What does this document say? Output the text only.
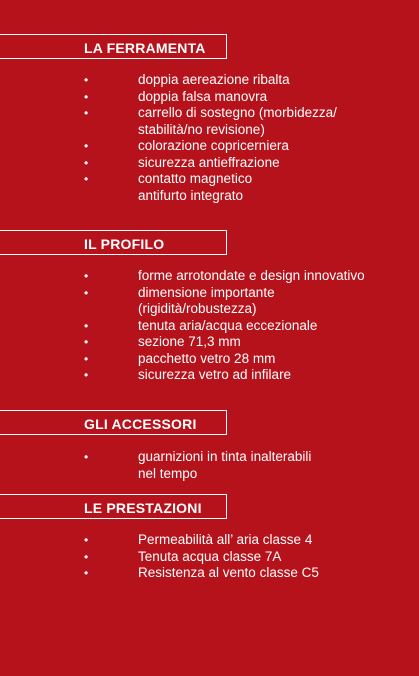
LA FERRAMENTA
•	doppia aereazione ribalta
•	doppia falsa manovra
•	carrello di sostegno (morbidezza/
stabilità/no revisione)
•	colorazione copricerniera
•	sicurezza antieffrazione
•	contatto magnetico
antifurto integrato
IL PROFILO
•	forme arrotondate e design innovativo
•	dimensione importante
(rigidità/robustezza)
•	tenuta aria/acqua eccezionale
•	sezione 71,3 mm
•	pacchetto vetro 28 mm
•	sicurezza vetro ad infilare
GLI ACCESSORI
•	guarnizioni in tinta inalterabili
nel tempo
LE PRESTAZIONI
•	Permeabilità all’ aria classe 4
•	Tenuta acqua classe 7A
•	Resistenza al vento classe C5
